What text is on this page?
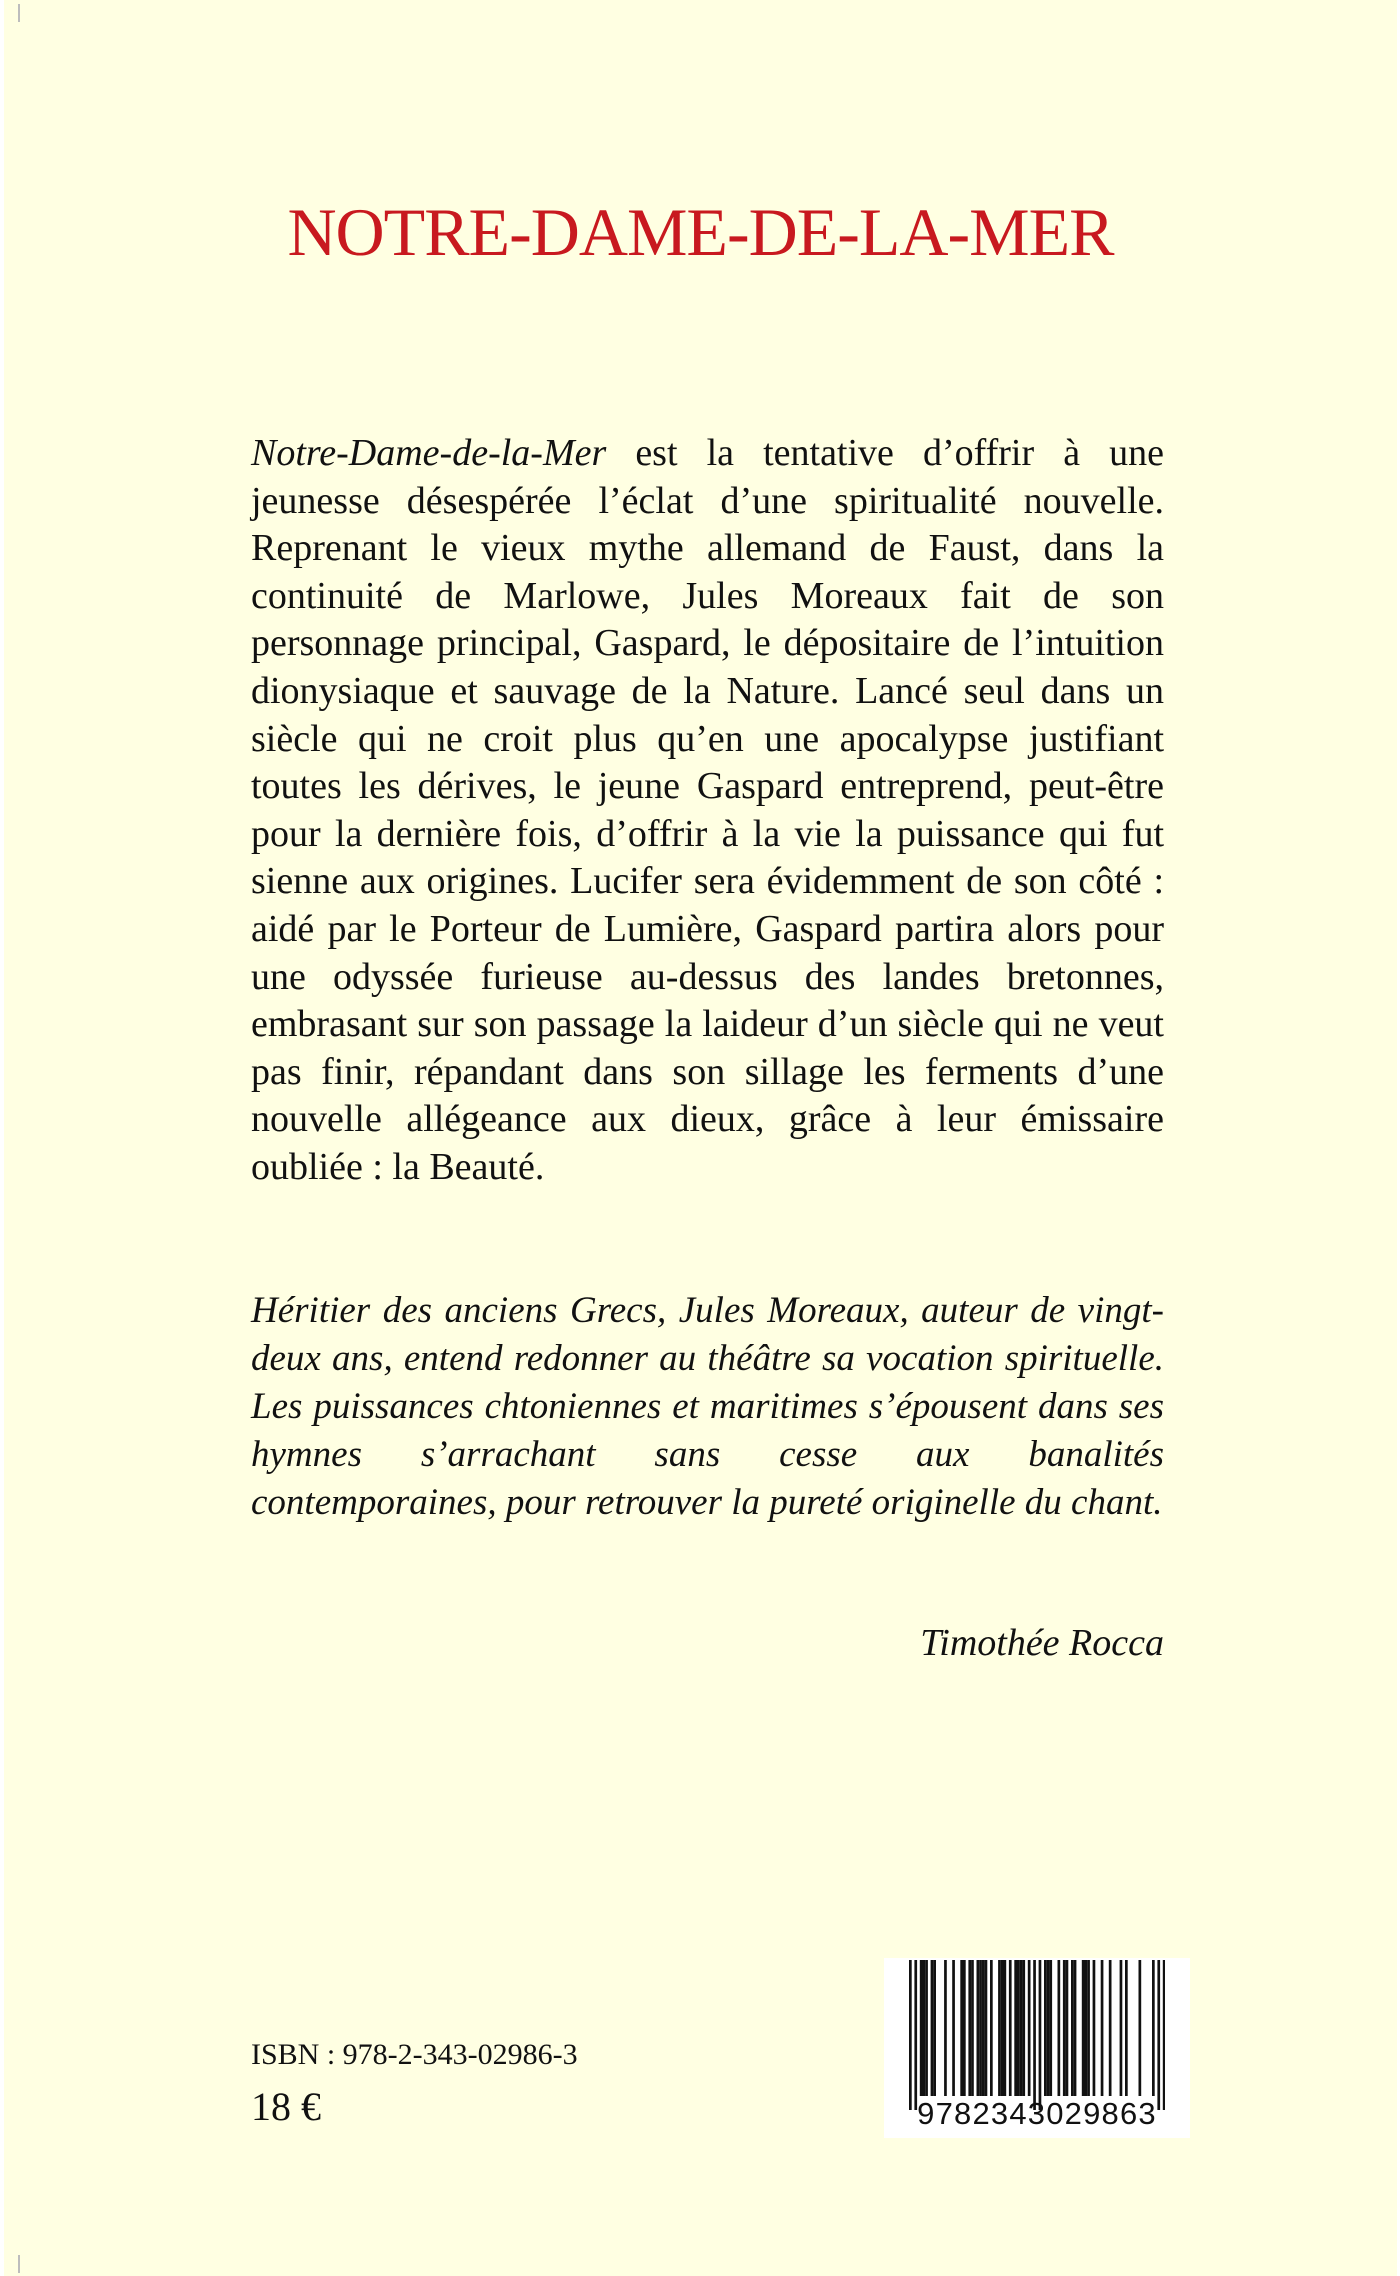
NOTRE-DAME-DE-LA-MER

Notre-Dame-de-la-Mer est la tentative d’offrir à une jeunesse désespérée l’éclat d’une spiritualité nouvelle. Reprenant le vieux mythe allemand de Faust, dans la continuité de Marlowe, Jules Moreaux fait de son personnage principal, Gaspard, le dépositaire de l’intuition dionysiaque et sauvage de la Nature. Lancé seul dans un siècle qui ne croit plus qu’en une apocalypse justifiant toutes les dérives, le jeune Gaspard entreprend, peut-être pour la dernière fois, d’offrir à la vie la puissance qui fut sienne aux origines. Lucifer sera évidemment de son côté : aidé par le Porteur de Lumière, Gaspard partira alors pour une odyssée furieuse au-dessus des landes bretonnes, embrasant sur son passage la laideur d’un siècle qui ne veut pas finir, répandant dans son sillage les ferments d’une nouvelle allégeance aux dieux, grâce à leur émissaire oubliée : la Beauté.

Héritier des anciens Grecs, Jules Moreaux, auteur de vingt-deux ans, entend redonner au théâtre sa vocation spirituelle. Les puissances chtoniennes et maritimes s’épousent dans ses hymnes s’arrachant sans cesse aux banalités contemporaines, pour retrouver la pureté originelle du chant.

Timothée Rocca

ISBN : 978-2-343-02986-3
18 €	9782343029863
